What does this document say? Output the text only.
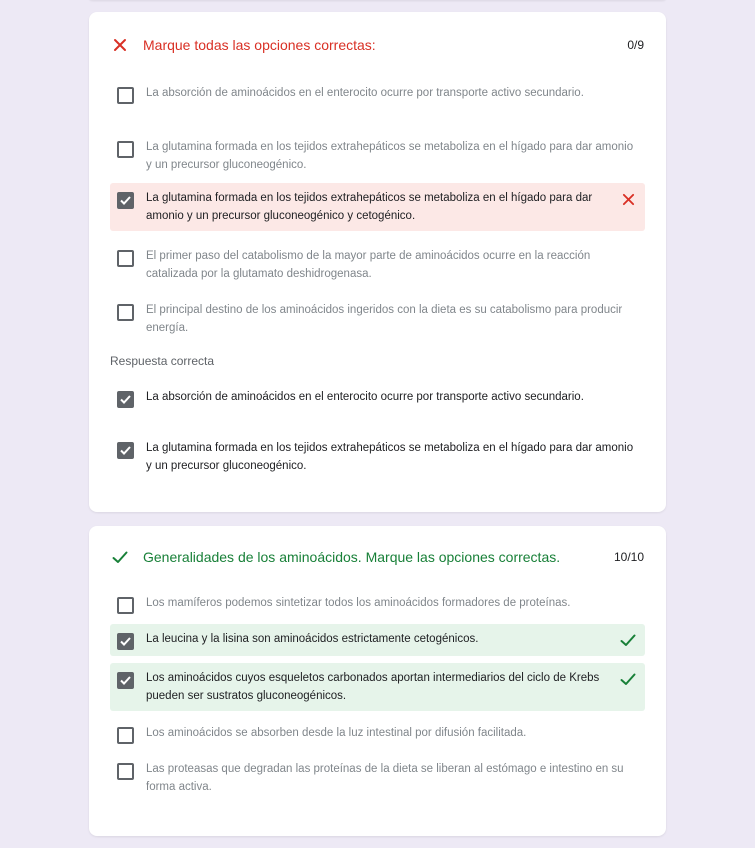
Marque todas las opciones correctas:	0/9
La absorción de aminoácidos en el enterocito ocurre por transporte activo secundario.
La glutamina formada en los tejidos extrahepáticos se metaboliza en el hígado para dar amonio y un precursor gluconeogénico.
La glutamina formada en los tejidos extrahepáticos se metaboliza en el hígado para dar amonio y un precursor gluconeogénico y cetogénico.
El primer paso del catabolismo de la mayor parte de aminoácidos ocurre en la reacción catalizada por la glutamato deshidrogenasa.
El principal destino de los aminoácidos ingeridos con la dieta es su catabolismo para producir energía.
Respuesta correcta
La absorción de aminoácidos en el enterocito ocurre por transporte activo secundario.
La glutamina formada en los tejidos extrahepáticos se metaboliza en el hígado para dar amonio y un precursor gluconeogénico.
Generalidades de los aminoácidos. Marque las opciones correctas.	10/10
Los mamíferos podemos sintetizar todos los aminoácidos formadores de proteínas.
La leucina y la lisina son aminoácidos estrictamente cetogénicos.
Los aminoácidos cuyos esqueletos carbonados aportan intermediarios del ciclo de Krebs pueden ser sustratos gluconeogénicos.
Los aminoácidos se absorben desde la luz intestinal por difusión facilitada.
Las proteasas que degradan las proteínas de la dieta se liberan al estómago e intestino en su forma activa.
